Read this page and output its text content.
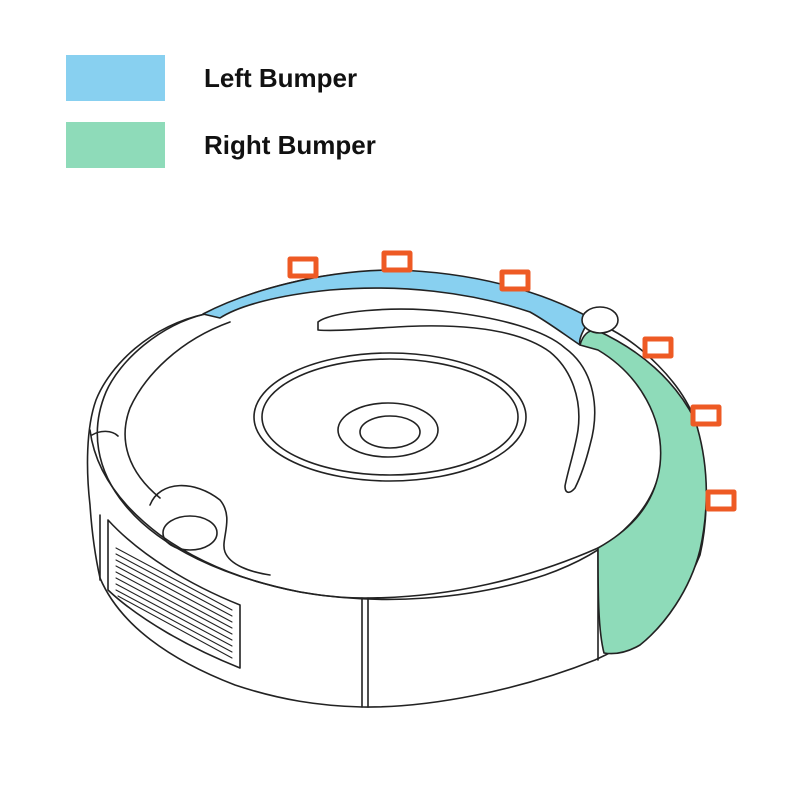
Left Bumper
Right Bumper
